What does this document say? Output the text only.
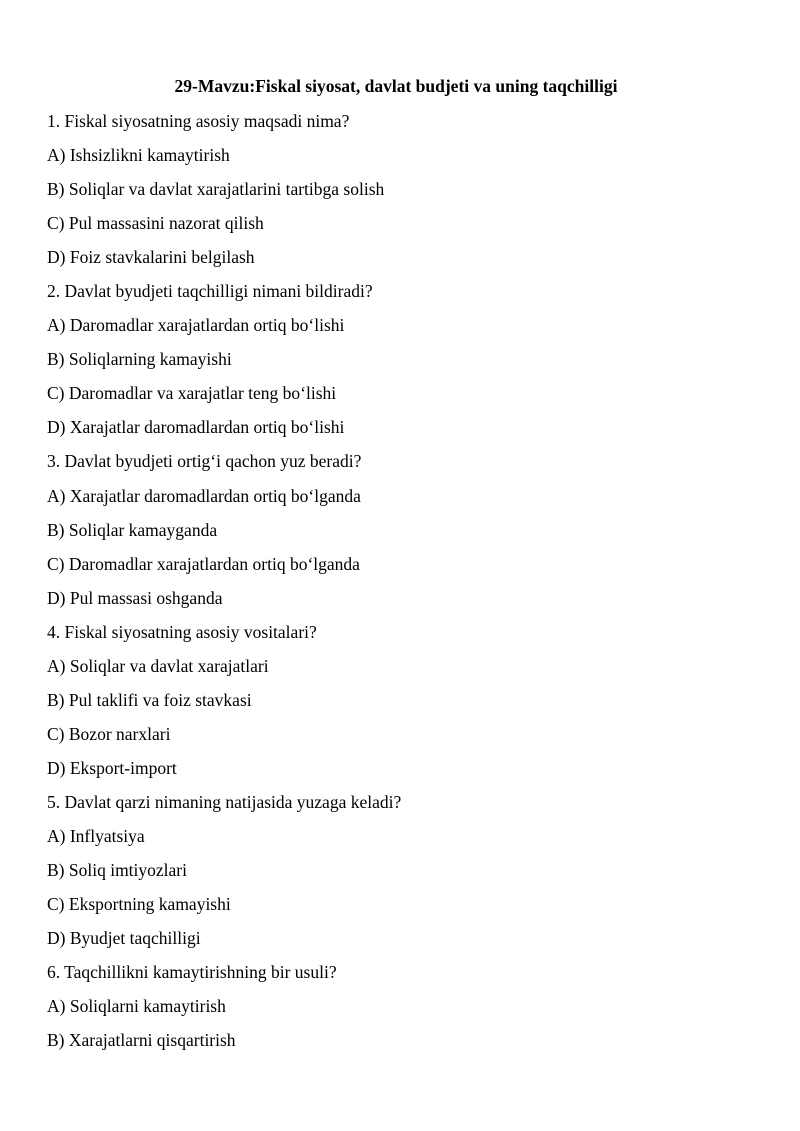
29-Mavzu:Fiskal siyosat, davlat budjeti va uning taqchilligi
1. Fiskal siyosatning asosiy maqsadi nima?
A) Ishsizlikni kamaytirish
B) Soliqlar va davlat xarajatlarini tartibga solish
C) Pul massasini nazorat qilish
D) Foiz stavkalarini belgilash
2. Davlat byudjeti taqchilligi nimani bildiradi?
A) Daromadlar xarajatlardan ortiq bo‘lishi
B) Soliqlarning kamayishi
C) Daromadlar va xarajatlar teng bo‘lishi
D) Xarajatlar daromadlardan ortiq bo‘lishi
3. Davlat byudjeti ortig‘i qachon yuz beradi?
A) Xarajatlar daromadlardan ortiq bo‘lganda
B) Soliqlar kamayganda
C) Daromadlar xarajatlardan ortiq bo‘lganda
D) Pul massasi oshganda
4. Fiskal siyosatning asosiy vositalari?
A) Soliqlar va davlat xarajatlari
B) Pul taklifi va foiz stavkasi
C) Bozor narxlari
D) Eksport-import
5. Davlat qarzi nimaning natijasida yuzaga keladi?
A) Inflyatsiya
B) Soliq imtiyozlari
C) Eksportning kamayishi
D) Byudjet taqchilligi
6. Taqchillikni kamaytirishning bir usuli?
A) Soliqlarni kamaytirish
B) Xarajatlarni qisqartirish
